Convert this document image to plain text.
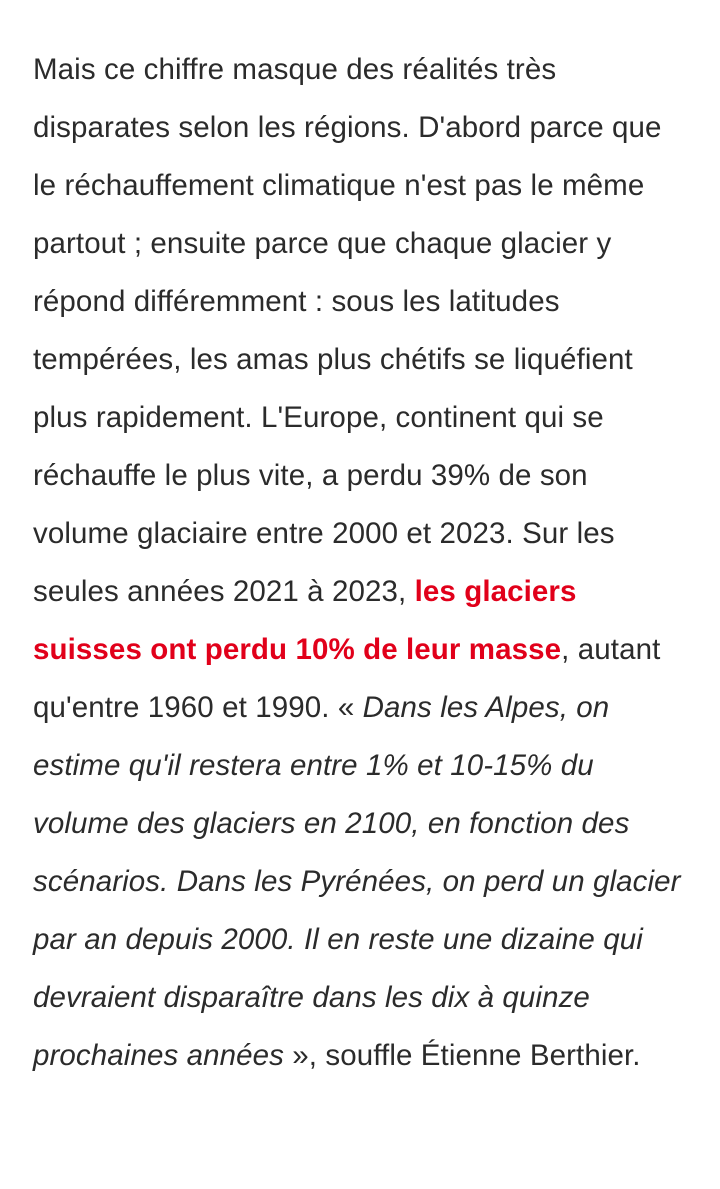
Mais ce chiffre masque des réalités très disparates selon les régions. D'abord parce que le réchauffement climatique n'est pas le même partout ; ensuite parce que chaque glacier y répond différemment : sous les latitudes tempérées, les amas plus chétifs se liquéfient plus rapidement. L'Europe, continent qui se réchauffe le plus vite, a perdu 39% de son volume glaciaire entre 2000 et 2023. Sur les seules années 2021 à 2023, les glaciers suisses ont perdu 10% de leur masse, autant qu'entre 1960 et 1990. « Dans les Alpes, on estime qu'il restera entre 1% et 10-15% du volume des glaciers en 2100, en fonction des scénarios. Dans les Pyrénées, on perd un glacier par an depuis 2000. Il en reste une dizaine qui devraient disparaître dans les dix à quinze prochaines années », souffle Étienne Berthier.
